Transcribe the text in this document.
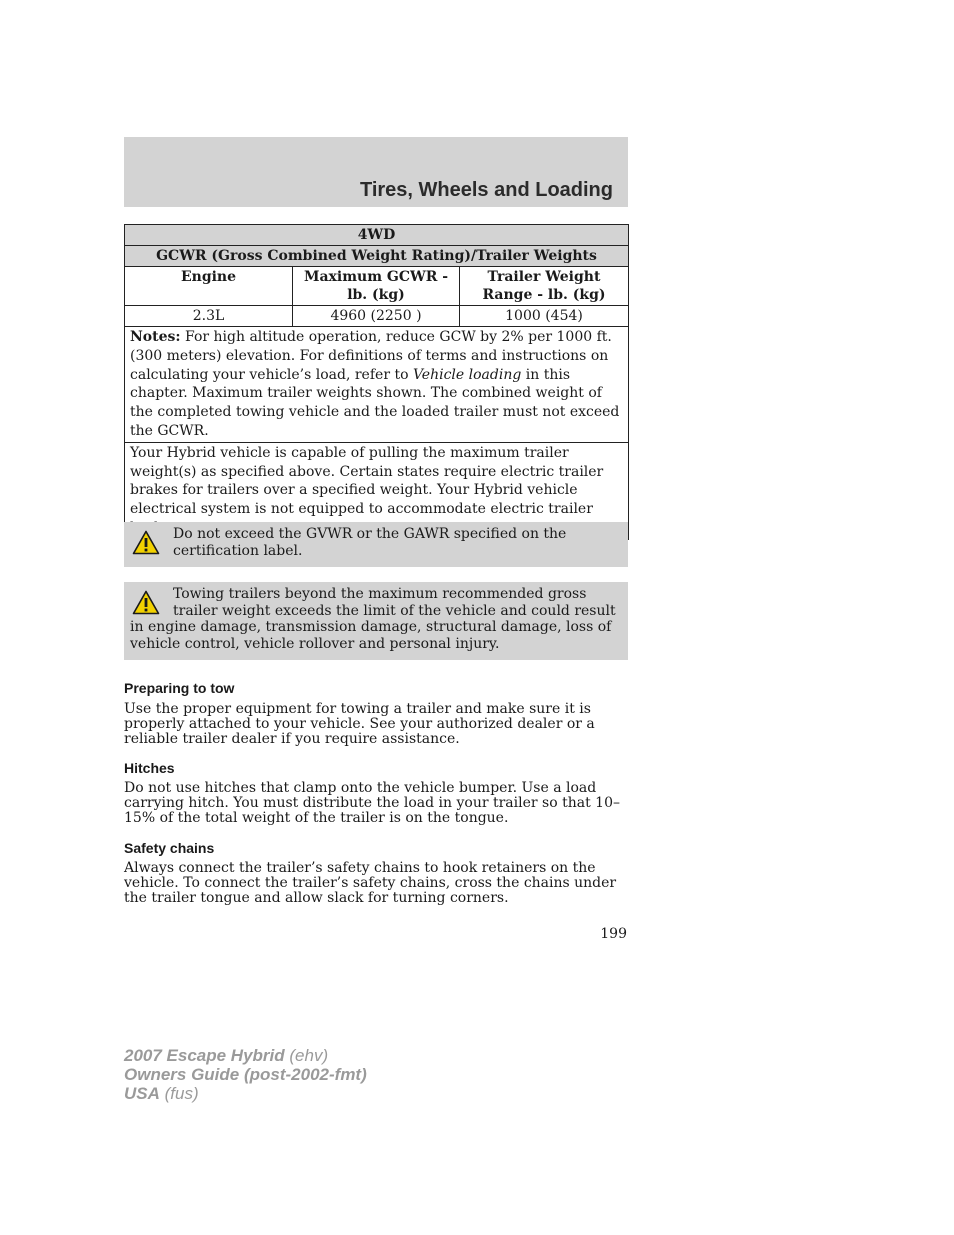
Tires, Wheels and Loading
4WD		
GCWR (Gross Combined Weight Rating)/Trailer Weights		
Engine	Maximum GCWR - lb. (kg)	Trailer Weight Range - lb. (kg)
2.3L	4960 (2250 )	1000 (454)
Notes: For high altitude operation, reduce GCW by 2% per 1000 ft. (300 meters) elevation. For definitions of terms and instructions on calculating your vehicle’s load, refer to Vehicle loading in this chapter. Maximum trailer weights shown. The combined weight of the completed towing vehicle and the loaded trailer must not exceed the GCWR.		
Your Hybrid vehicle is capable of pulling the maximum trailer weight(s) as specified above. Certain states require electric trailer brakes for trailers over a specified weight. Your Hybrid vehicle electrical system is not equipped to accommodate electric trailer		
Do not exceed the GVWR or the GAWR specified on the certification label.
Towing trailers beyond the maximum recommended gross trailer weight exceeds the limit of the vehicle and could result in engine damage, transmission damage, structural damage, loss of vehicle control, vehicle rollover and personal injury.
Preparing to tow
Use the proper equipment for towing a trailer and make sure it is properly attached to your vehicle. See your authorized dealer or a reliable trailer dealer if you require assistance.
Hitches
Do not use hitches that clamp onto the vehicle bumper. Use a load carrying hitch. You must distribute the load in your trailer so that 10–15% of the total weight of the trailer is on the tongue.
Safety chains
Always connect the trailer’s safety chains to hook retainers on the vehicle. To connect the trailer’s safety chains, cross the chains under the trailer tongue and allow slack for turning corners.
199
2007 Escape Hybrid (ehv)
Owners Guide (post-2002-fmt)
USA (fus)
